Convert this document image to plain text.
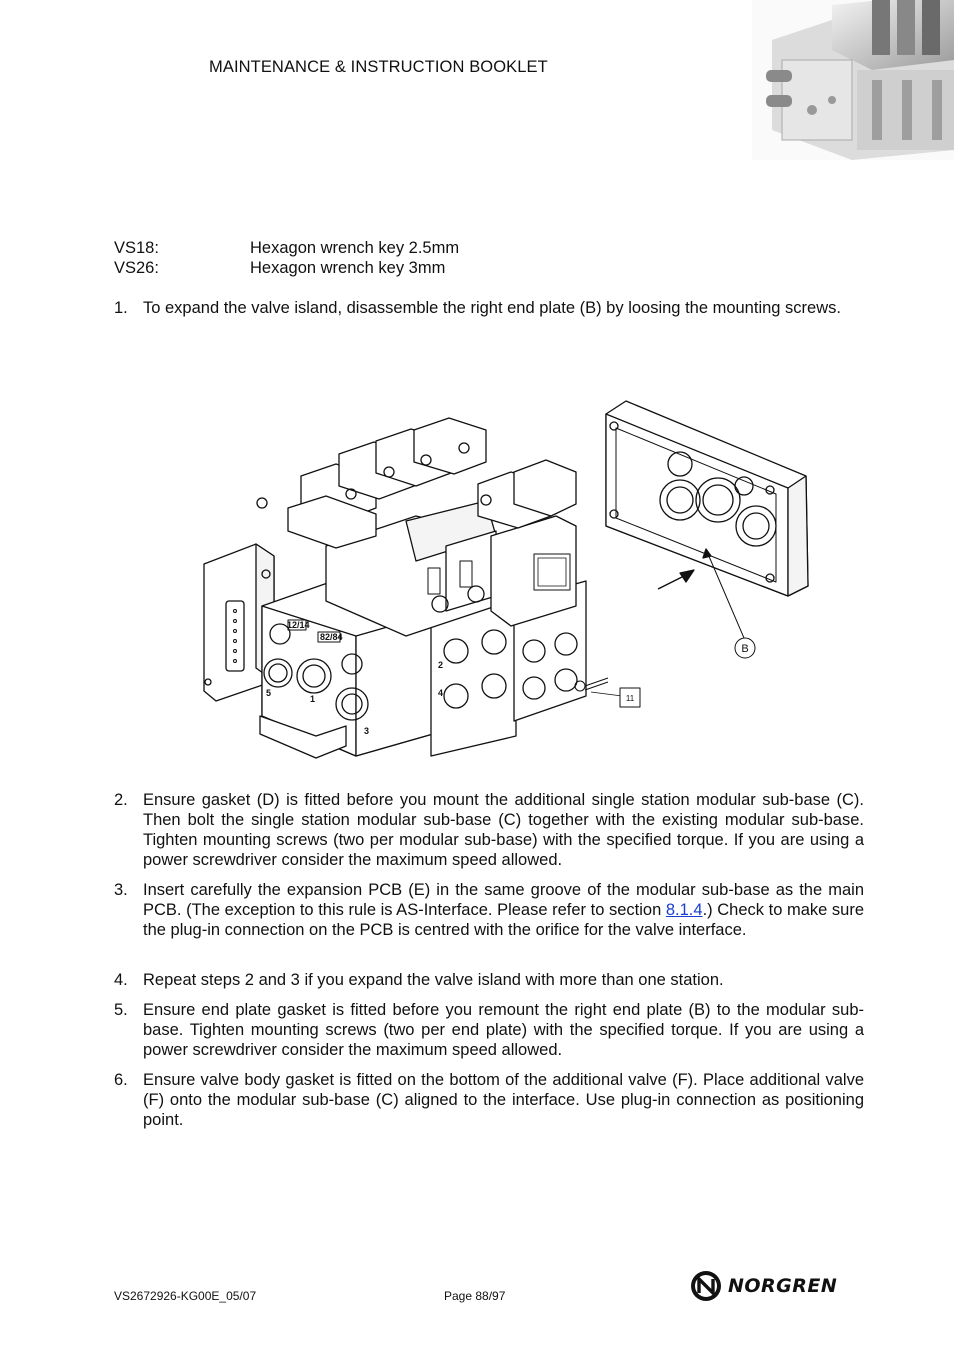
MAINTENANCE & INSTRUCTION BOOKLET
VS18:	Hexagon wrench key 2.5mm
VS26:	Hexagon wrench key 3mm
1. To expand the valve island, disassemble the right end plate (B) by loosing the mounting screws.
12/14
82/84
5
1
3
2
4
B
11
2. Ensure gasket (D) is fitted before you mount the additional single station modular sub-base (C). Then bolt the single station modular sub-base (C) together with the existing modular sub-base. Tighten mounting screws (two per modular sub-base) with the specified torque. If you are using a power screwdriver consider the maximum speed allowed.
3. Insert carefully the expansion PCB (E) in the same groove of the modular sub-base as the main PCB. (The exception to this rule is AS-Interface. Please refer to section 8.1.4.) Check to make sure the plug-in connection on the PCB is centred with the orifice for the valve interface.
4. Repeat steps 2 and 3 if you expand the valve island with more than one station.
5. Ensure end plate gasket is fitted before you remount the right end plate (B) to the modular sub-base. Tighten mounting screws (two per end plate) with the specified torque. If you are using a power screwdriver consider the maximum speed allowed.
6. Ensure valve body gasket is fitted on the bottom of the additional valve (F). Place additional valve (F) onto the modular sub-base (C) aligned to the interface. Use plug-in connection as positioning point.
VS2672926-KG00E_05/07	Page 88/97	NORGREN
